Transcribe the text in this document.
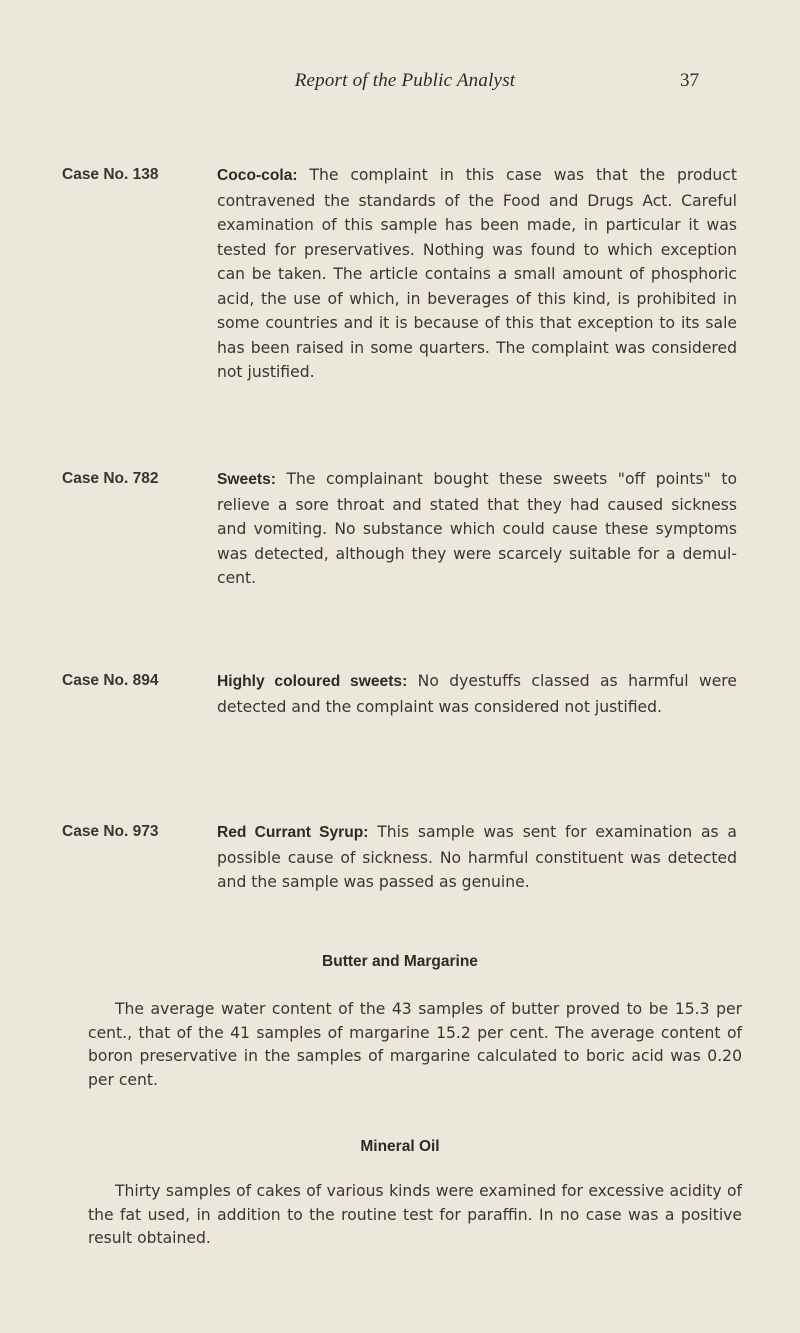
Report of the Public Analyst	37
Case No. 138	Coco-cola: The complaint in this case was that the product contravened the standards of the Food and Drugs Act. Careful examination of this sample has been made, in particular it was tested for preservatives. Nothing was found to which exception can be taken. The article contains a small amount of phosphoric acid, the use of which, in beverages of this kind, is prohibited in some countries and it is because of this that exception to its sale has been raised in some quarters. The complaint was considered not justified.
Case No. 782	Sweets: The complainant bought these sweets "off points" to relieve a sore throat and stated that they had caused sickness and vomiting. No substance which could cause these symptoms was detected, although they were scarcely suitable for a demulcent.
Case No. 894	Highly coloured sweets: No dyestuffs classed as harmful were detected and the complaint was considered not justified.
Case No. 973	Red Currant Syrup: This sample was sent for examination as a possible cause of sickness. No harmful constituent was detected and the sample was passed as genuine.
Butter and Margarine
The average water content of the 43 samples of butter proved to be 15.3 per cent., that of the 41 samples of margarine 15.2 per cent. The average content of boron preservative in the samples of margarine calculated to boric acid was 0.20 per cent.
Mineral Oil
Thirty samples of cakes of various kinds were examined for excessive acidity of the fat used, in addition to the routine test for paraffin. In no case was a positive result obtained.
